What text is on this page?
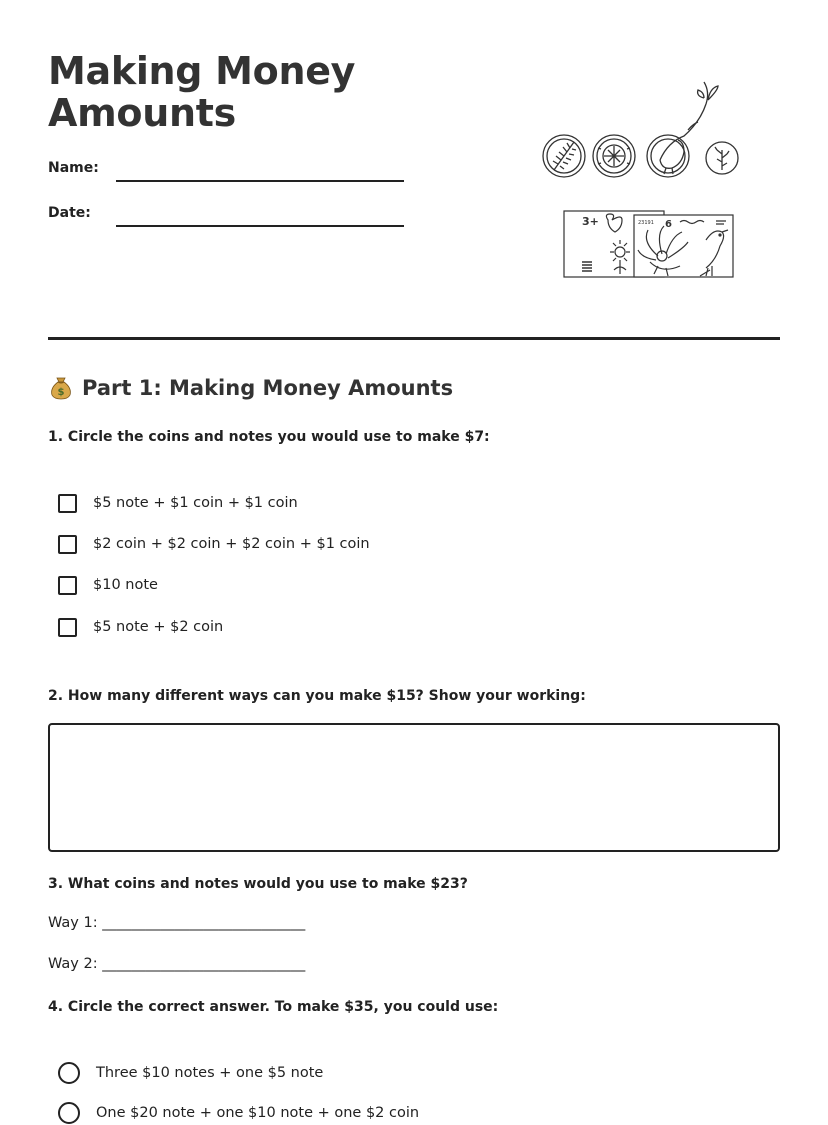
Making Money
Amounts
Name:
Date:
3+	23191 6
$ Part 1: Making Money Amounts
1. Circle the coins and notes you would use to make $7:
$5 note + $1 coin + $1 coin
$2 coin + $2 coin + $2 coin + $1 coin
$10 note
$5 note + $2 coin
2. How many different ways can you make $15? Show your working:
3. What coins and notes would you use to make $23?
Way 1: ____________________________
Way 2: ____________________________
4. Circle the correct answer. To make $35, you could use:
Three $10 notes + one $5 note
One $20 note + one $10 note + one $2 coin
